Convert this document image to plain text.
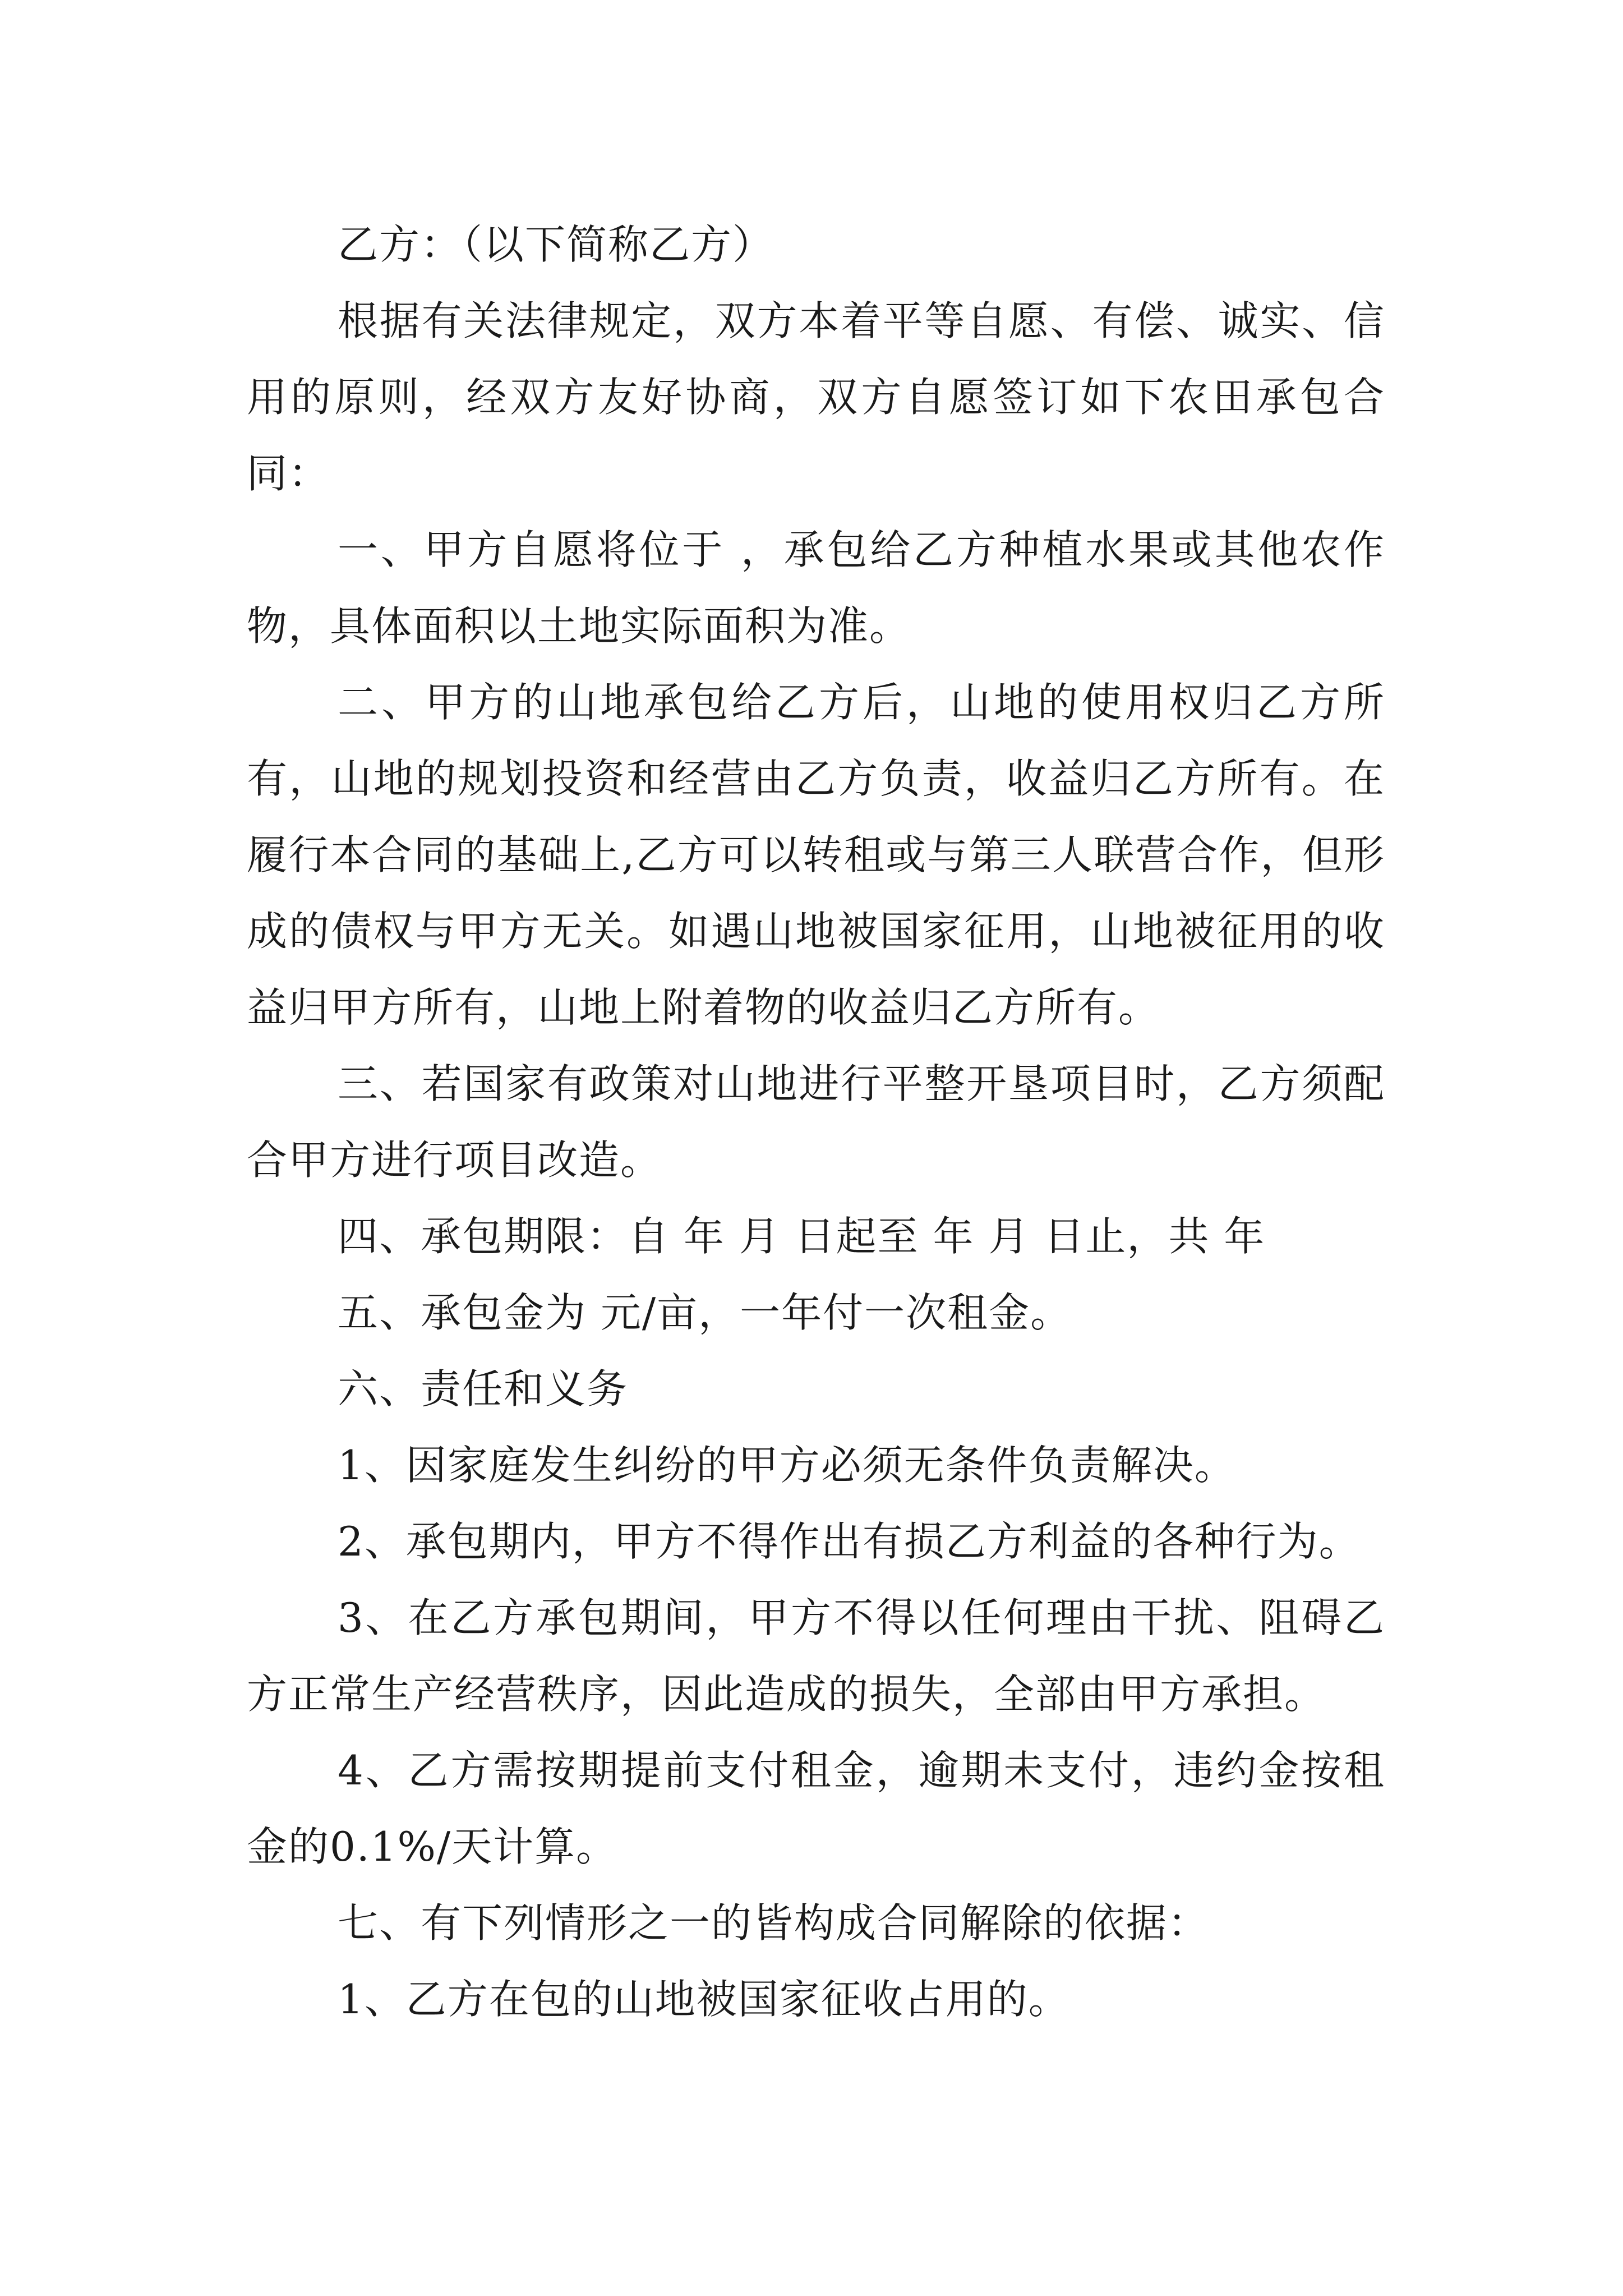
乙方：（以下简称乙方）

根据有关法律规定，双方本着平等自愿、有偿、诚实、信用的原则，经双方友好协商，双方自愿签订如下农田承包合同：

一、甲方自愿将位于 ，承包给乙方种植水果或其他农作物，具体面积以土地实际面积为准。

二、甲方的山地承包给乙方后，山地的使用权归乙方所有，山地的规划投资和经营由乙方负责，收益归乙方所有。在履行本合同的基础上,乙方可以转租或与第三人联营合作，但形成的债权与甲方无关。如遇山地被国家征用，山地被征用的收益归甲方所有，山地上附着物的收益归乙方所有。

三、若国家有政策对山地进行平整开垦项目时，乙方须配合甲方进行项目改造。

四、承包期限：自 年 月 日起至 年 月 日止，共 年

五、承包金为 元/亩，一年付一次租金。

六、责任和义务

1、因家庭发生纠纷的甲方必须无条件负责解决。

2、承包期内，甲方不得作出有损乙方利益的各种行为。

3、在乙方承包期间，甲方不得以任何理由干扰、阻碍乙方正常生产经营秩序，因此造成的损失，全部由甲方承担。

4、乙方需按期提前支付租金，逾期未支付，违约金按租金的0.1%/天计算。

七、有下列情形之一的皆构成合同解除的依据：

1、乙方在包的山地被国家征收占用的。
